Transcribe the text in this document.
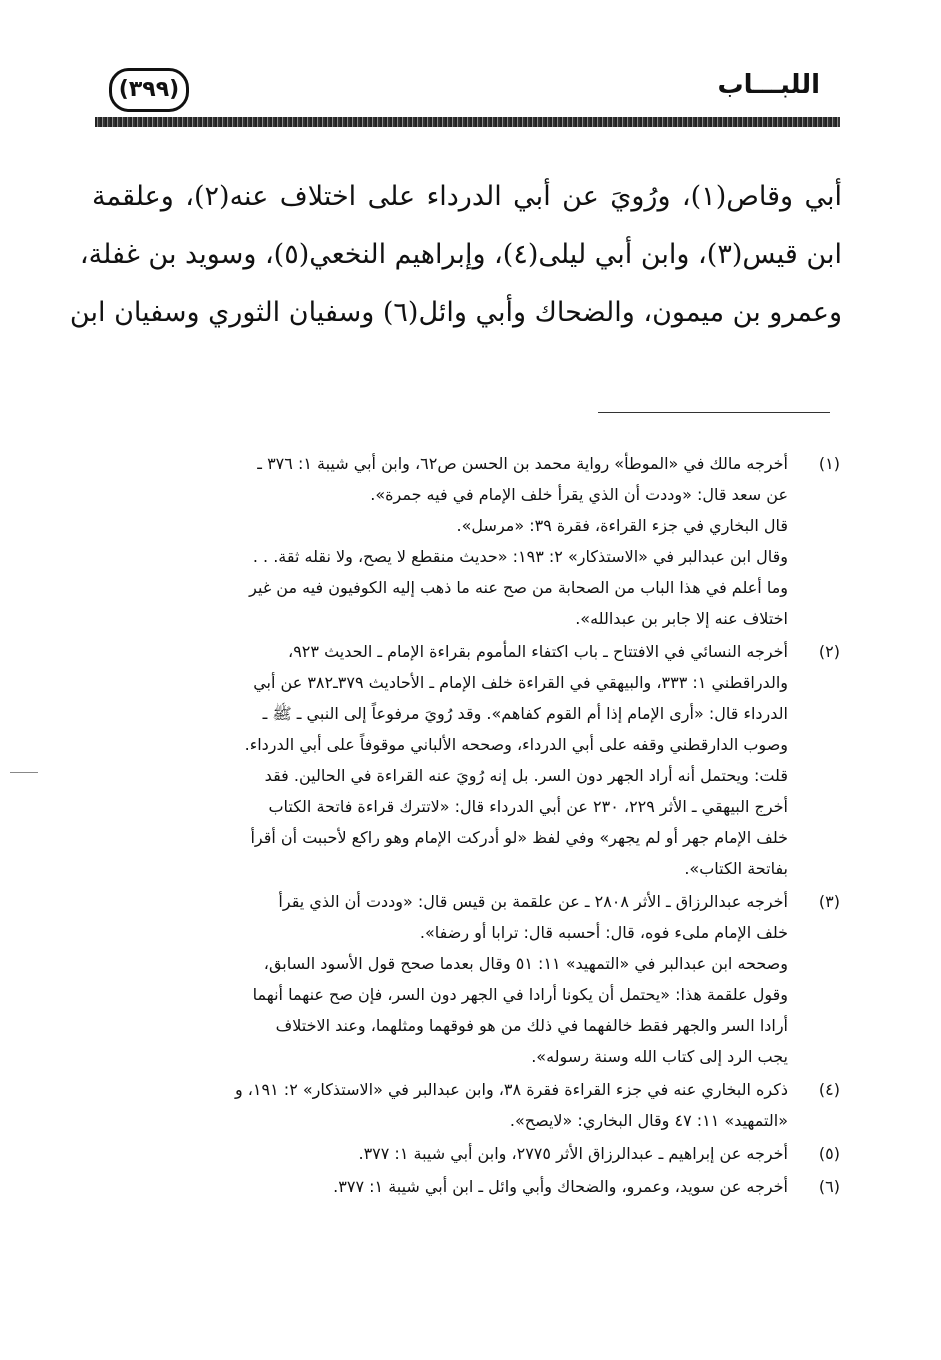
اللبـــاب
(٣٩٩)
أبي وقاص(١)، ورُويَ عن أبي الدرداء على اختلاف عنه(٢)، وعلقمة
ابن قيس(٣)، وابن أبي ليلى(٤)، وإبراهيم النخعي(٥)، وسويد بن غفلة،
وعمرو بن ميمون، والضحاك وأبي وائل(٦) وسفيان الثوري وسفيان ابن
(١)
أخرجه مالك في «الموطأ» رواية محمد بن الحسن ص٦٢، وابن أبي شيبة ١: ٣٧٦ ـ
عن سعد قال: «وددت أن الذي يقرأ خلف الإمام في فيه جمرة».
قال البخاري في جزء القراءة، فقرة ٣٩: «مرسل».
وقال ابن عبدالبر في «الاستذكار» ٢: ١٩٣: «حديث منقطع لا يصح، ولا نقله ثقة. . .
وما أعلم في هذا الباب من الصحابة من صح عنه ما ذهب إليه الكوفيون فيه من غير
اختلاف عنه إلا جابر بن عبدالله».
(٢)
أخرجه النسائي في الافتتاح ـ باب اكتفاء المأموم بقراءة الإمام ـ الحديث ٩٢٣،
والدراقطني ١: ٣٣٣، والبيهقي في القراءة خلف الإمام ـ الأحاديث ٣٧٩ـ٣٨٢ عن أبي
الدرداء قال: «أرى الإمام إذا أم القوم كفاهم». وقد رُويَ مرفوعاً إلى النبي ـ ﷺ ـ
وصوب الدارقطني وقفه على أبي الدرداء، وصححه الألباني موقوفاً على أبي الدرداء.
قلت: ويحتمل أنه أراد الجهر دون السر. بل إنه رُويَ عنه القراءة في الحالين. فقد
أخرج البيهقي ـ الأثر ٢٢٩، ٢٣٠ عن أبي الدرداء قال: «لاتترك قراءة فاتحة الكتاب
خلف الإمام جهر أو لم يجهر» وفي لفظ «لو أدركت الإمام وهو راكع لأحببت أن أقرأ
بفاتحة الكتاب».
(٣)
أخرجه عبدالرزاق ـ الأثر ٢٨٠٨ ـ عن علقمة بن قيس قال: «وددت أن الذي يقرأ
خلف الإمام ملىء فوه، قال: أحسبه قال: ترابا أو رضفا».
وصححه ابن عبدالبر في «التمهيد» ١١: ٥١ وقال بعدما صحح قول الأسود السابق،
وقول علقمة هذا: «يحتمل أن يكونا أرادا في الجهر دون السر، فإن صح عنهما أنهما
أرادا السر والجهر فقط خالفهما في ذلك من هو فوقهما ومثلهما، وعند الاختلاف
يجب الرد إلى كتاب الله وسنة رسوله».
(٤)
ذكره البخاري عنه في جزء القراءة فقرة ٣٨، وابن عبدالبر في «الاستذكار» ٢: ١٩١، و
«التمهيد» ١١: ٤٧ وقال البخاري: «لايصح».
(٥)
أخرجه عن إبراهيم ـ عبدالرزاق الأثر ٢٧٧٥، وابن أبي شيبة ١: ٣٧٧.
(٦)
أخرجه عن سويد، وعمرو، والضحاك وأبي وائل ـ ابن أبي شيبة ١: ٣٧٧.
